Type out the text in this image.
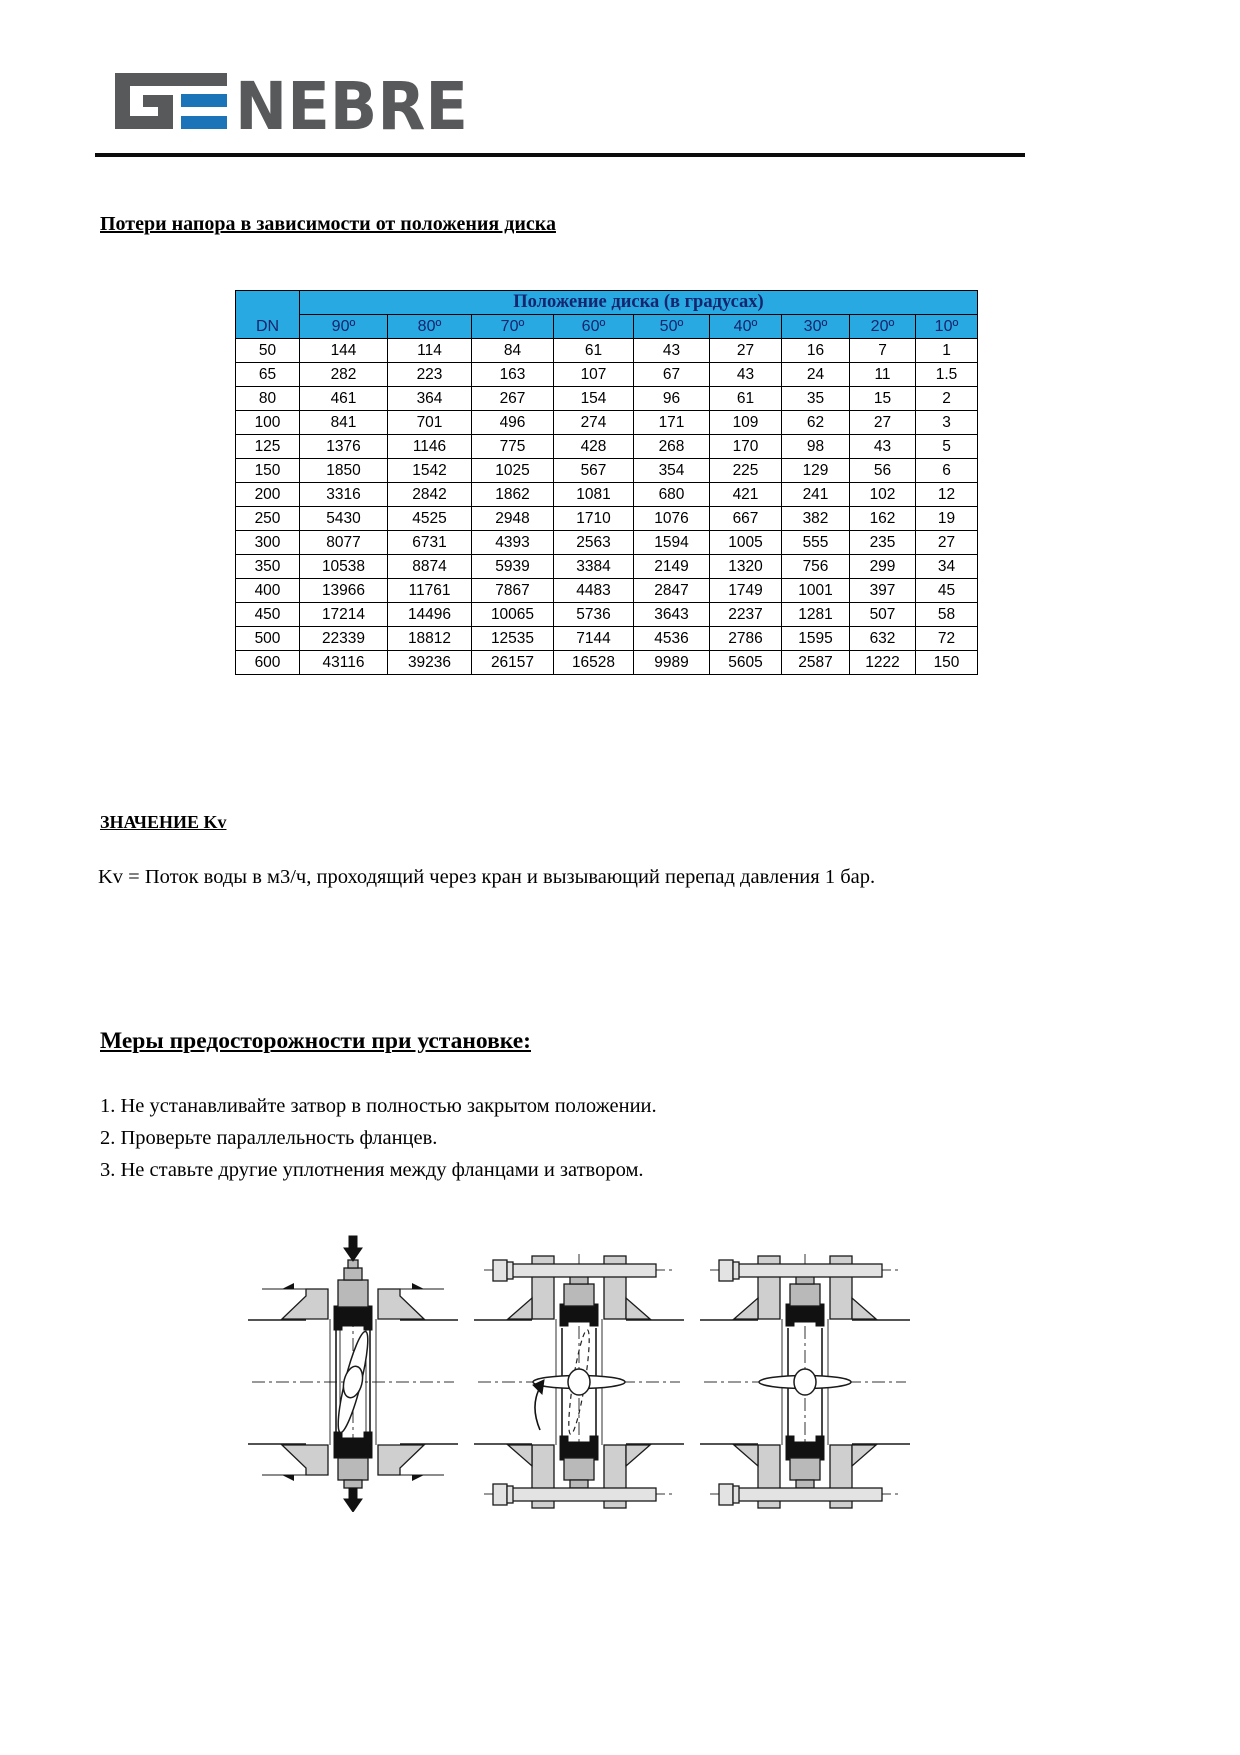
NEBRE
Потери напора в зависимости от положения диска
DN	Положение диска (в градусах)								
	90º	80º	70º	60º	50º	40º	30º	20º	10º
50	144	114	84	61	43	27	16	7	1
65	282	223	163	107	67	43	24	11	1.5
80	461	364	267	154	96	61	35	15	2
100	841	701	496	274	171	109	62	27	3
125	1376	1146	775	428	268	170	98	43	5
150	1850	1542	1025	567	354	225	129	56	6
200	3316	2842	1862	1081	680	421	241	102	12
250	5430	4525	2948	1710	1076	667	382	162	19
300	8077	6731	4393	2563	1594	1005	555	235	27
350	10538	8874	5939	3384	2149	1320	756	299	34
400	13966	11761	7867	4483	2847	1749	1001	397	45
450	17214	14496	10065	5736	3643	2237	1281	507	58
500	22339	18812	12535	7144	4536	2786	1595	632	72
600	43116	39236	26157	16528	9989	5605	2587	1222	150
ЗНАЧЕНИЕ Kv
Kv = Поток воды в м3/ч, проходящий через кран и вызывающий перепад давления 1 бар.
Меры предосторожности при установке:
1. Не устанавливайте затвор в полностью закрытом положении.
2. Проверьте параллельность фланцев.
3. Не ставьте другие уплотнения между фланцами и затвором.
